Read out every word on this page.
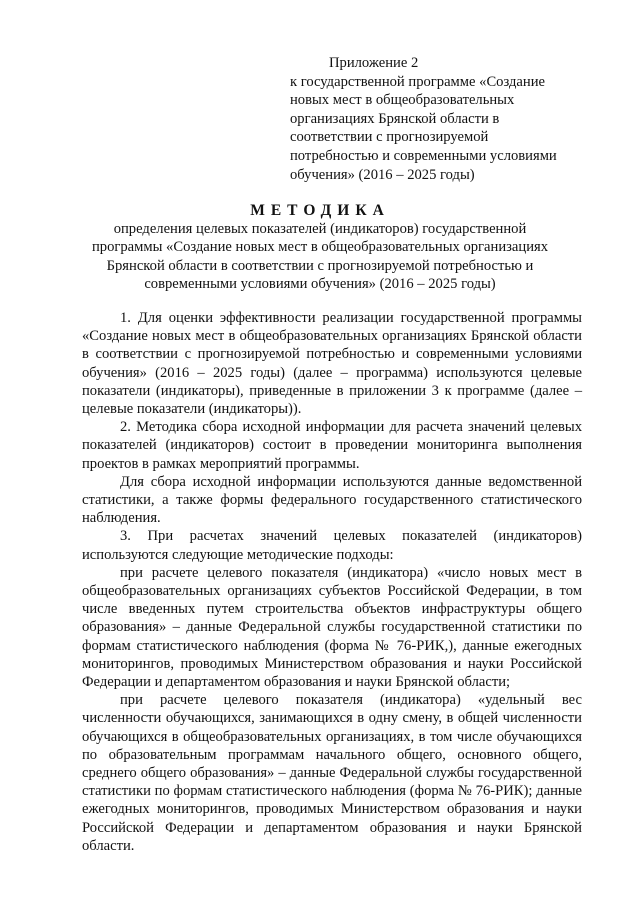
Приложение 2
к государственной программе «Создание новых мест в общеобразовательных организациях Брянской области в соответствии с прогнозируемой потребностью и современными условиями обучения» (2016 – 2025 годы)
МЕТОДИКА
определения целевых показателей (индикаторов) государственной программы «Создание новых мест в общеобразовательных организациях Брянской области в соответствии с прогнозируемой потребностью и современными условиями обучения» (2016 – 2025 годы)

1. Для оценки эффективности реализации государственной программы «Создание новых мест в общеобразовательных организациях Брянской области в соответствии с прогнозируемой потребностью и современными условиями обучения» (2016 – 2025 годы) (далее – программа) используются целевые показатели (индикаторы), приведенные в приложении 3 к программе (далее – целевые показатели (индикаторы)).

2. Методика сбора исходной информации для расчета значений целевых показателей (индикаторов) состоит в проведении мониторинга выполнения проектов в рамках мероприятий программы.

Для сбора исходной информации используются данные ведомственной статистики, а также формы федерального государственного статистического наблюдения.

3. При расчетах значений целевых показателей (индикаторов) используются следующие методические подходы:

при расчете целевого показателя (индикатора) «число новых мест в общеобразовательных организациях субъектов Российской Федерации, в том числе введенных путем строительства объектов инфраструктуры общего образования» – данные Федеральной службы государственной статистики по формам статистического наблюдения (форма № 76-РИК,), данные ежегодных мониторингов, проводимых Министерством образования и науки Российской Федерации и департаментом образования и науки Брянской области;

при расчете целевого показателя (индикатора) «удельный вес численности обучающихся, занимающихся в одну смену, в общей численности обучающихся в общеобразовательных организациях, в том числе обучающихся по образовательным программам начального общего, основного общего, среднего общего образования» – данные Федеральной службы государственной статистики по формам статистического наблюдения (форма № 76-РИК); данные ежегодных мониторингов, проводимых Министерством образования и науки Российской Федерации и департаментом образования и науки Брянской области.
